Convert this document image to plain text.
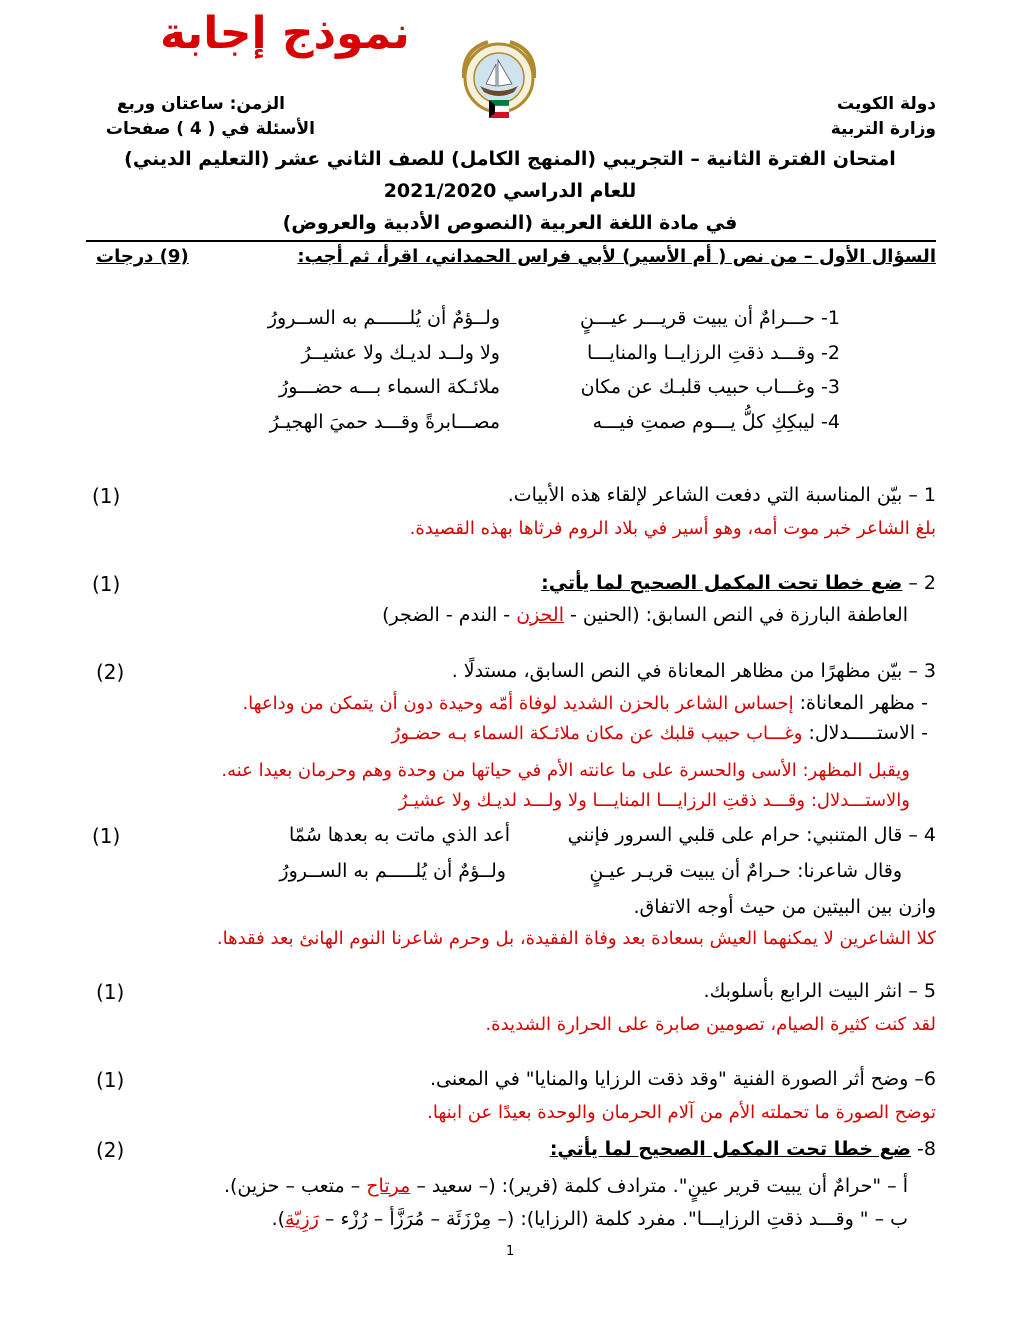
نموذج إجابة
دولة الكويت
وزارة التربية
الزمن: ساعتان وربع
الأسئلة في ( 4 ) صفحات
امتحان الفترة الثانية – التجريبي (المنهج الكامل) للصف الثاني عشر (التعليم الديني)
للعام الدراسي 2021/2020
في مادة اللغة العربية (النصوص الأدبية والعروض)
السؤال الأول – من نص ( أم الأسير) لأبي فراس الحمداني، اقرأ، ثم أجب:
(9) درجات
1- حـــرامٌ أن يبيت قريـــر عيـــنٍ
ولــؤمٌ أن يُلــــــم به الســرورُ
2- وقـــد ذقتِ الرزايــا والمنايـــا
ولا ولــد لديـك ولا عشيــرُ
3- وغـــاب حبيب قلبـك عن مكان
ملائـكة السماء بـــه حضـــورُ
4- ليبكِكِ كلُّ يـــوم صمتِ فيـــه
مصـــابرةً وقـــد حميَ الهجيـرُ
1 – بيّن المناسبة التي دفعت الشاعر لإلقاء هذه الأبيات.
(1)
بلغ الشاعر خبر موت أمه، وهو أسير في بلاد الروم فرثاها بهذه القصيدة.
2 – ضع خطا تحت المكمل الصحيح لما يأتي:
(1)
العاطفة البارزة في النص السابق: (الحنين - الحزن - الندم - الضجر)
3 – بيّن مظهرًا من مظاهر المعاناة في النص السابق، مستدلًا .
(2)
- مظهر المعاناة: إحساس الشاعر بالحزن الشديد لوفاة أمّه وحيدة دون أن يتمكن من وداعها.
- الاستـــــدلال: وغـــاب حبيب قلبك عن مكان ملائـكة السماء بـه حضـورُ
ويقبل المظهر: الأسى والحسرة على ما عانته الأم في حياتها من وحدة وهم وحرمان بعيدا عنه.
والاستـــدلال: وقـــد ذقتِ الرزايـــا المنايـــا ولا ولـــد لديـك ولا عشيـرُ
4 – قال المتنبي: حرام على قلبي السرور فإنني
أعد الذي ماتت به بعدها سُمّا
(1)
وقال شاعرنا: حـرامٌ أن يبيت قريـر عيـنٍ
ولــؤمٌ أن يُلـــــم به الســرورُ
وازن بين البيتين من حيث أوجه الاتفاق.
كلا الشاعرين لا يمكنهما العيش بسعادة بعد وفاة الفقيدة، بل وحرم شاعرنا النوم الهانئ بعد فقدها.
5 – انثر البيت الرابع بأسلوبك.
(1)
لقد كنت كثيرة الصيام، تصومين صابرة على الحرارة الشديدة.
6– وضح أثر الصورة الفنية "وقد ذقت الرزايا والمنايا" في المعنى.
(1)
توضح الصورة ما تحملته الأم من آلام الحرمان والوحدة بعيدًا عن ابنها.
8- ضع خطا تحت المكمل الصحيح لما يأتي:
(2)
أ – "حرامٌ أن يبيت قرير عينٍ". مترادف كلمة (قرير): (– سعيد – مرتاح – متعب – حزين).
ب – " وقـــد ذقتِ الرزايـــا". مفرد كلمة (الرزايا): (– مِرْزَئَة – مُرَزَّأ – رُزْء – رَزِيّة).
1
